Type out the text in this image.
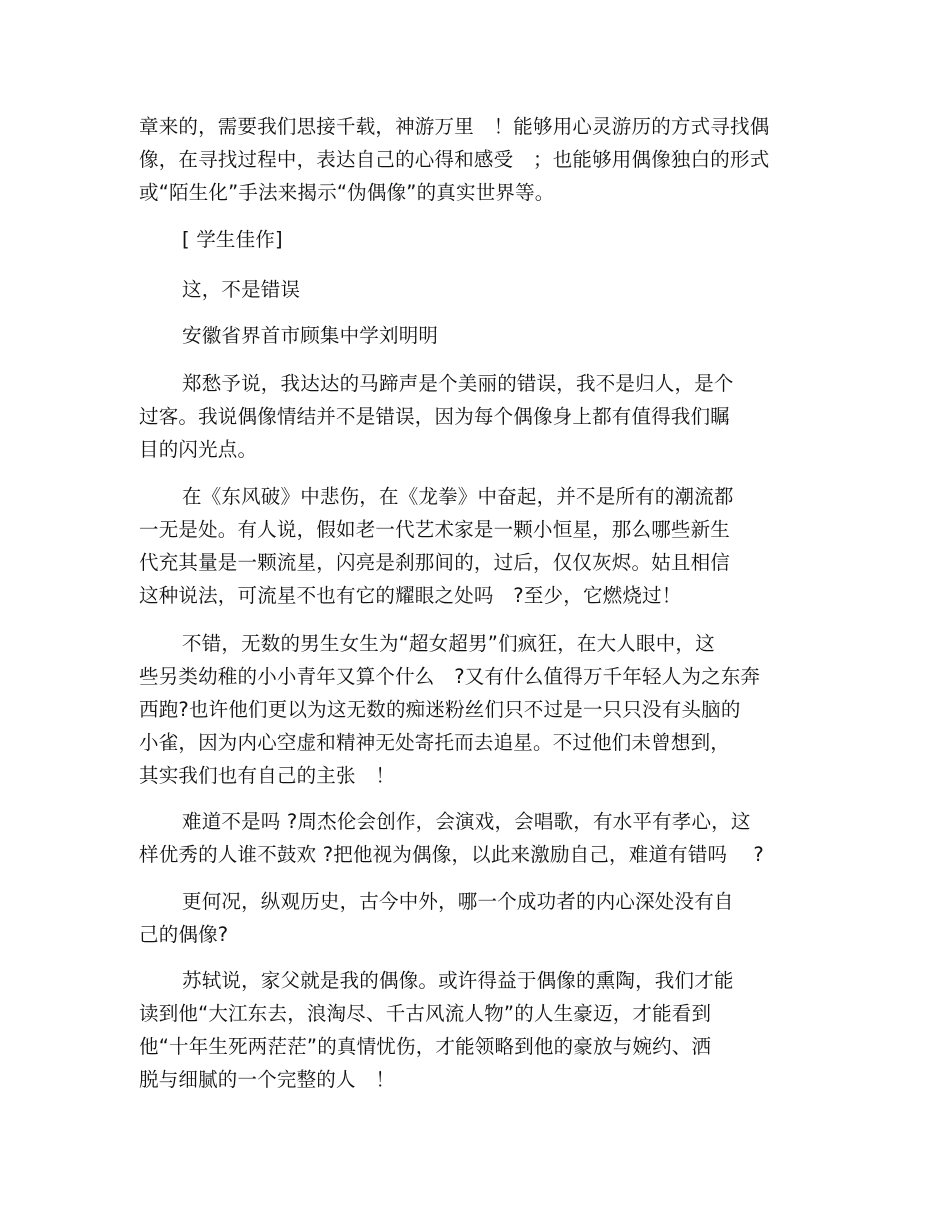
章来的，需要我们思接千载，神游万里　！能够用心灵游历的方式寻找偶
像，在寻找过程中，表达自己的心得和感受　；也能够用偶像独白的形式
或“陌生化”手法来揭示“伪偶像”的真实世界等。
[ 学生佳作]
这，不是错误
安徽省界首市顾集中学刘明明
郑愁予说，我达达的马蹄声是个美丽的错误，我不是归人，是个
过客。我说偶像情结并不是错误，因为每个偶像身上都有值得我们瞩
目的闪光点。
在《东风破》中悲伤，在《龙拳》中奋起，并不是所有的潮流都
一无是处。有人说，假如老一代艺术家是一颗小恒星，那么哪些新生
代充其量是一颗流星，闪亮是刹那间的，过后，仅仅灰烬。姑且相信
这种说法，可流星不也有它的耀眼之处吗　?至少，它燃烧过！
不错，无数的男生女生为“超女超男”们疯狂，在大人眼中，这
些另类幼稚的小小青年又算个什么　?又有什么值得万千年轻人为之东奔
西跑?也许他们更以为这无数的痴迷粉丝们只不过是一只只没有头脑的
小雀，因为内心空虚和精神无处寄托而去追星。不过他们未曾想到，
其实我们也有自己的主张　！
难道不是吗 ?周杰伦会创作，会演戏，会唱歌，有水平有孝心，这
样优秀的人谁不鼓欢 ?把他视为偶像，以此来激励自己，难道有错吗　 ?
更何况，纵观历史，古今中外，哪一个成功者的内心深处没有自
己的偶像?
苏轼说，家父就是我的偶像。或许得益于偶像的熏陶，我们才能
读到他“大江东去，浪淘尽、千古风流人物”的人生豪迈，才能看到
他“十年生死两茫茫”的真情忧伤，才能领略到他的豪放与婉约、洒
脱与细腻的一个完整的人　！
